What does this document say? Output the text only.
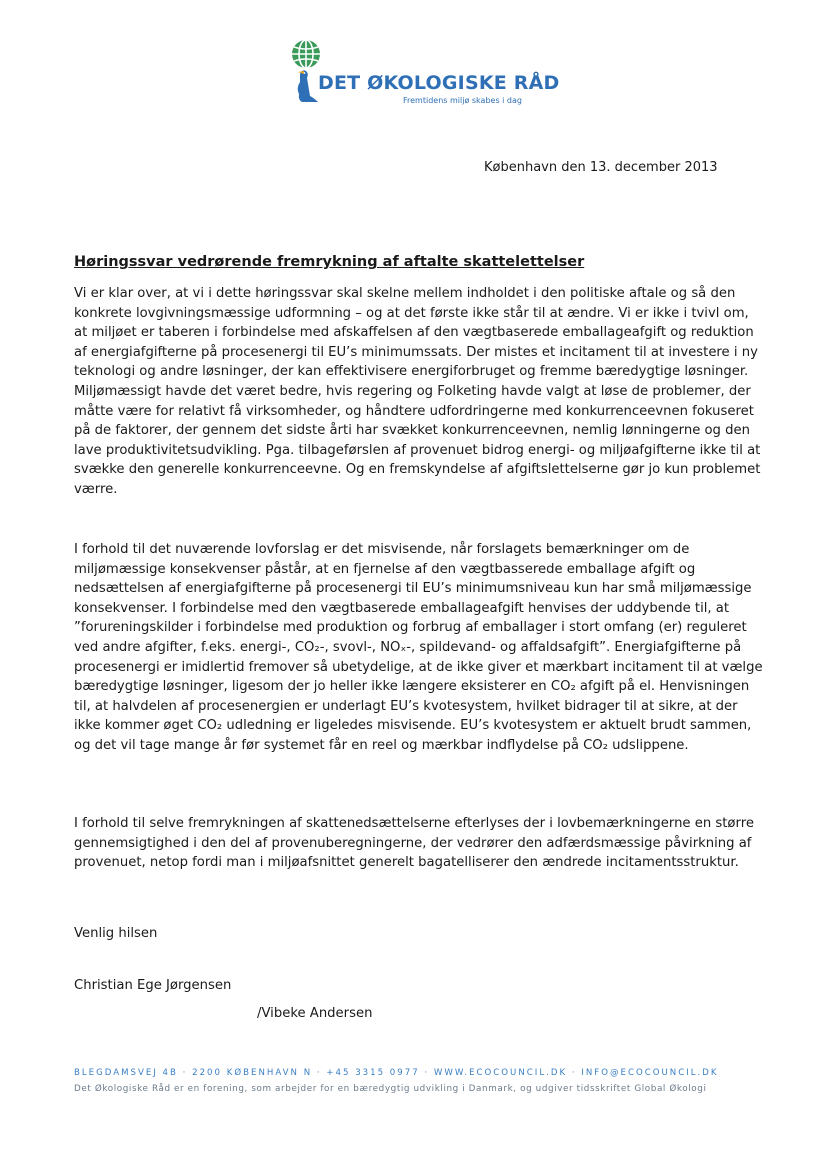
DET ØKOLOGISKE RÅD
Fremtidens miljø skabes i dag
København den 13. december 2013
Høringssvar vedrørende fremrykning af aftalte skattelettelser

Vi er klar over, at vi i dette høringssvar skal skelne mellem indholdet i den politiske aftale og så den konkrete lovgivningsmæssige udformning – og at det første ikke står til at ændre. Vi er ikke i tvivl om, at miljøet er taberen i forbindelse med afskaffelsen af den vægtbaserede emballageafgift og reduktion af energiafgifterne på procesenergi til EU’s minimumssats. Der mistes et incitament til at investere i ny teknologi og andre løsninger, der kan effektivisere energiforbruget og fremme bæredygtige løsninger. Miljømæssigt havde det været bedre, hvis regering og Folketing havde valgt at løse de problemer, der måtte være for relativt få virksomheder, og håndtere udfordringerne med konkurrenceevnen fokuseret på de faktorer, der gennem det sidste årti har svækket konkurrenceevnen, nemlig lønningerne og den lave produktivitetsudvikling. Pga. tilbageførslen af provenuet bidrog energi- og miljøafgifterne ikke til at svække den generelle konkurrenceevne. Og en fremskyndelse af afgiftslettelserne gør jo kun problemet værre.

I forhold til det nuværende lovforslag er det misvisende, når forslagets bemærkninger om de miljømæssige konsekvenser påstår, at en fjernelse af den vægtbasserede emballage afgift og nedsættelsen af energiafgifterne på procesenergi til EU’s minimumsniveau kun har små miljømæssige konsekvenser. I forbindelse med den vægtbaserede emballageafgift henvises der uddybende til, at ”forureningskilder i forbindelse med produktion og forbrug af emballager i stort omfang (er) reguleret ved andre afgifter, f.eks. energi-, CO₂-, svovl-, NOₓ-, spildevand- og affaldsafgift”. Energiafgifterne på procesenergi er imidlertid fremover så ubetydelige, at de ikke giver et mærkbart incitament til at vælge bæredygtige løsninger, ligesom der jo heller ikke længere eksisterer en CO₂ afgift på el. Henvisningen til, at halvdelen af procesenergien er underlagt EU’s kvotesystem, hvilket bidrager til at sikre, at der ikke kommer øget CO₂ udledning er ligeledes misvisende. EU’s kvotesystem er aktuelt brudt sammen, og det vil tage mange år før systemet får en reel og mærkbar indflydelse på CO₂ udslippene.

I forhold til selve fremrykningen af skattenedsættelserne efterlyses der i lovbemærkningerne en større gennemsigtighed i den del af provenuberegningerne, der vedrører den adfærdsmæssige påvirkning af provenuet, netop fordi man i miljøafsnittet generelt bagatelliserer den ændrede incitamentsstruktur.

Venlig hilsen
Christian Ege Jørgensen
/Vibeke Andersen
BLEGDAMSVEJ 4B · 2200 KØBENHAVN N · +45 3315 0977 · WWW.ECOCOUNCIL.DK · INFO@ECOCOUNCIL.DK
Det Økologiske Råd er en forening, som arbejder for en bæredygtig udvikling i Danmark, og udgiver tidsskriftet Global Økologi
